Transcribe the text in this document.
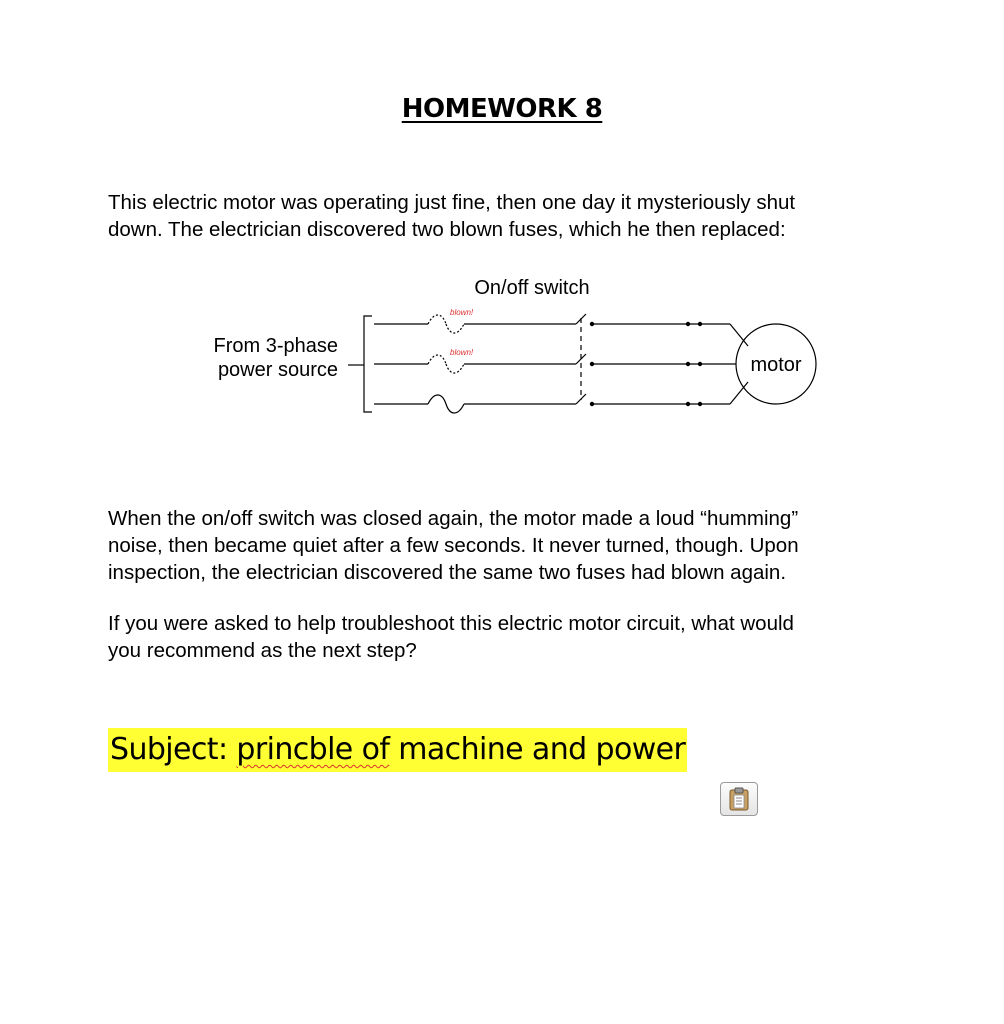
HOMEWORK 8
This electric motor was operating just fine, then one day it mysteriously shut
down. The electrician discovered two blown fuses, which he then replaced:
On/off switch
From 3-phase
power source
blown!
blown!
motor
When the on/off switch was closed again, the motor made a loud “humming”
noise, then became quiet after a few seconds. It never turned, though. Upon
inspection, the electrician discovered the same two fuses had blown again.
If you were asked to help troubleshoot this electric motor circuit, what would
you recommend as the next step?
Subject: princble of machine and power
